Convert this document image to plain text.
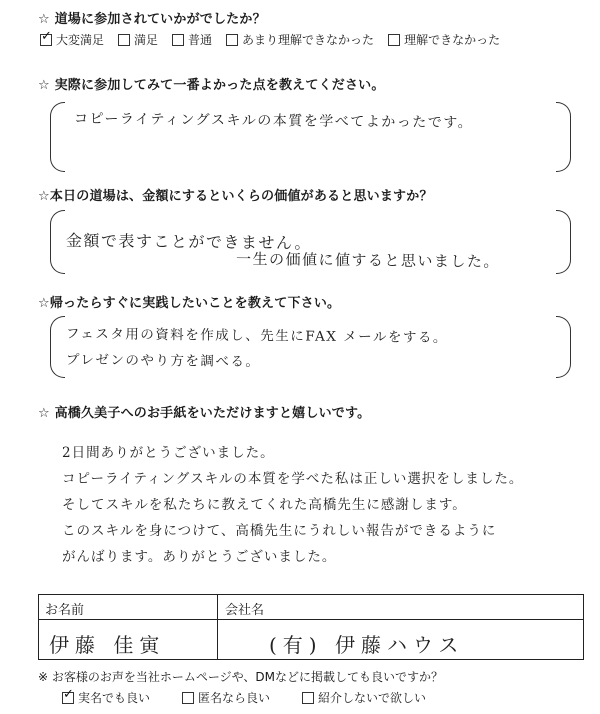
☆ 道場に参加されていかがでしたか？
✓
大変満足	満足	普通	あまり理解できなかった	理解できなかった
☆ 実際に参加してみて一番よかった点を教えてください。
コピーライティングスキルの本質を学べてよかったです。
☆本日の道場は、金額にするといくらの価値があると思いますか？
金額で表すことができません。
一生の価値に値すると思いました。
☆帰ったらすぐに実践したいことを教えて下さい。
フェスタ用の資料を作成し、先生にFAX メールをする。
プレゼンのやり方を調べる。
☆ 高橋久美子へのお手紙をいただけますと嬉しいです。
2日間ありがとうございました。
コピーライティングスキルの本質を学べた私は正しい選択をしました。
そしてスキルを私たちに教えてくれた高橋先生に感謝します。
このスキルを身につけて、高橋先生にうれしい報告ができるように
がんばります。ありがとうございました。
お名前	会社名
伊藤 佳寅	(有) 伊藤ハウス
※ お客様のお声を当社ホームページや、DMなどに掲載しても良いですか？
✓
実名でも良い	匿名なら良い	紹介しないで欲しい
